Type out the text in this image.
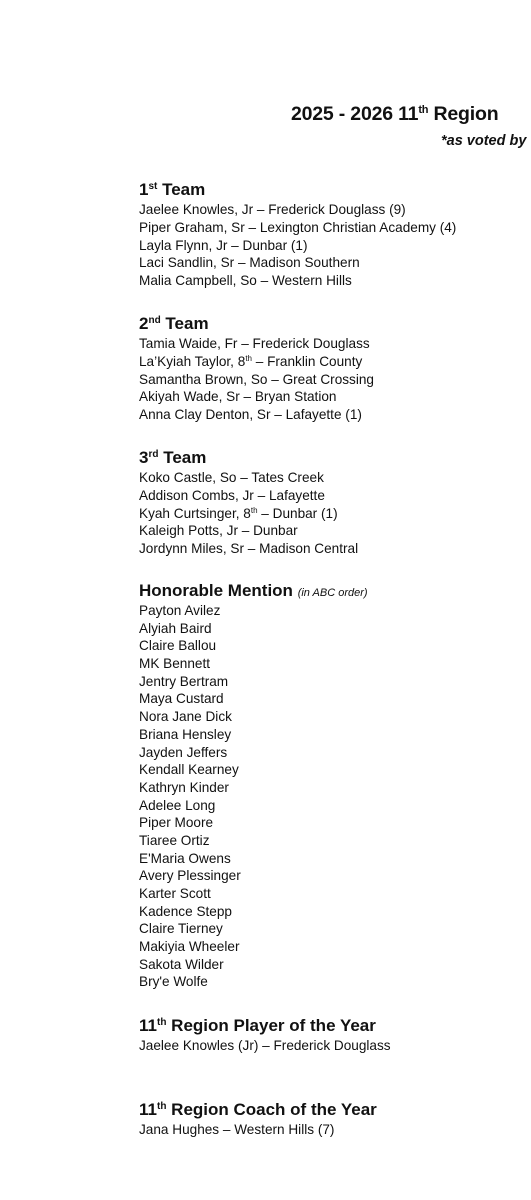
2025 - 2026 11th Region
*as voted by
1st Team
Jaelee Knowles, Jr – Frederick Douglass (9)
Piper Graham, Sr – Lexington Christian Academy (4)
Layla Flynn, Jr – Dunbar (1)
Laci Sandlin, Sr – Madison Southern
Malia Campbell, So – Western Hills
2nd Team
Tamia Waide, Fr – Frederick Douglass
La’Kyiah Taylor, 8th – Franklin County
Samantha Brown, So – Great Crossing
Akiyah Wade, Sr – Bryan Station
Anna Clay Denton, Sr – Lafayette (1)
3rd Team
Koko Castle, So – Tates Creek
Addison Combs, Jr – Lafayette
Kyah Curtsinger, 8th – Dunbar (1)
Kaleigh Potts, Jr – Dunbar
Jordynn Miles, Sr – Madison Central
Honorable Mention (in ABC order)
Payton Avilez
Alyiah Baird
Claire Ballou
MK Bennett
Jentry Bertram
Maya Custard
Nora Jane Dick
Briana Hensley
Jayden Jeffers
Kendall Kearney
Kathryn Kinder
Adelee Long
Piper Moore
Tiaree Ortiz
E'Maria Owens
Avery Plessinger
Karter Scott
Kadence Stepp
Claire Tierney
Makiyia Wheeler
Sakota Wilder
Bry'e Wolfe
11th Region Player of the Year
Jaelee Knowles (Jr) – Frederick Douglass
11th Region Coach of the Year
Jana Hughes – Western Hills (7)
